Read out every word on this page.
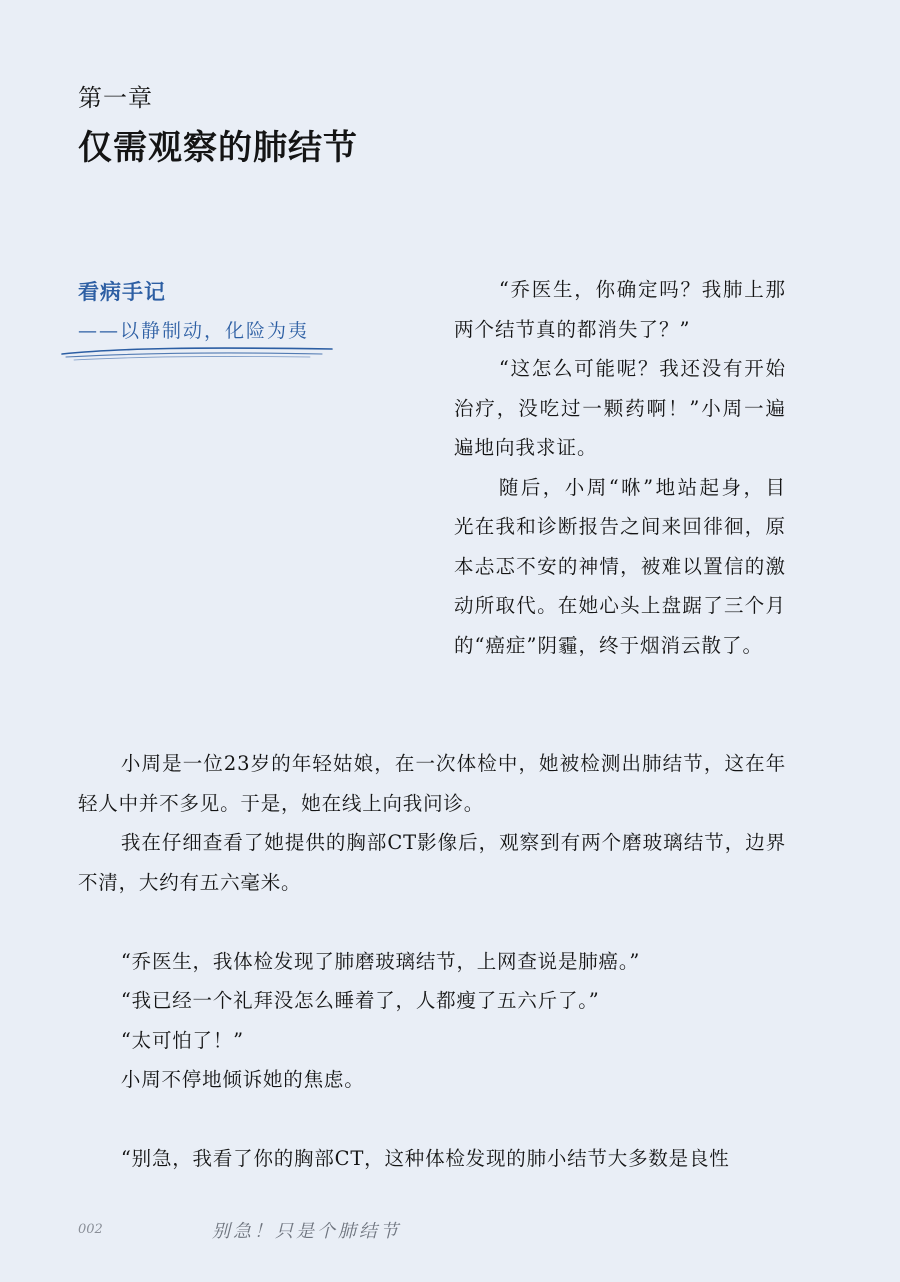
第一章
仅需观察的肺结节
看病手记
——以静制动，化险为夷

“乔医生，你确定吗？我肺上那两个结节真的都消失了？”

“这怎么可能呢？我还没有开始治疗，没吃过一颗药啊！”小周一遍遍地向我求证。

随后，小周“咻”地站起身，目光在我和诊断报告之间来回徘徊，原本忐忑不安的神情，被难以置信的激动所取代。在她心头上盘踞了三个月的“癌症”阴霾，终于烟消云散了。

小周是一位23岁的年轻姑娘，在一次体检中，她被检测出肺结节，这在年轻人中并不多见。于是，她在线上向我问诊。

我在仔细查看了她提供的胸部CT影像后，观察到有两个磨玻璃结节，边界不清，大约有五六毫米。

“乔医生，我体检发现了肺磨玻璃结节，上网查说是肺癌。”

“我已经一个礼拜没怎么睡着了，人都瘦了五六斤了。”

“太可怕了！”

小周不停地倾诉她的焦虑。

“别急，我看了你的胸部CT，这种体检发现的肺小结节大多数是良性

002	别急！只是个肺结节
